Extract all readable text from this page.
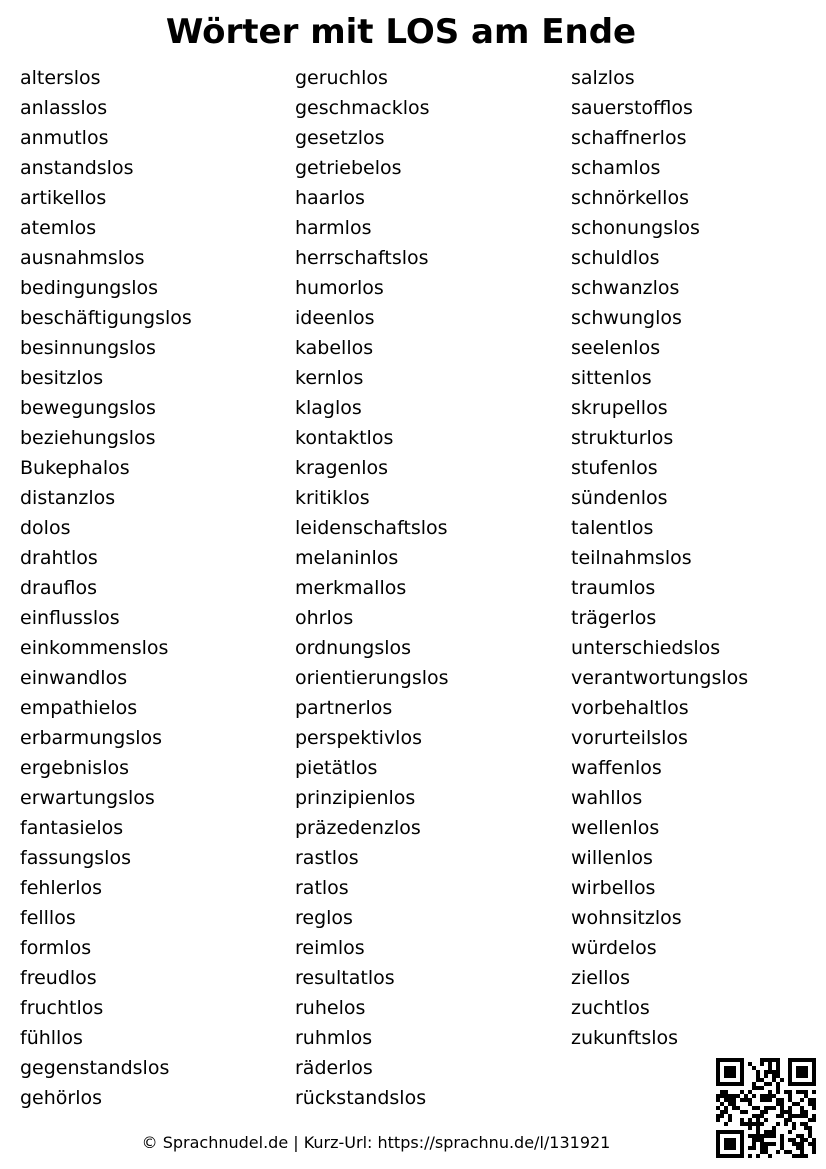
Wörter mit LOS am Ende
alterslos
anlasslos
anmutlos
anstandslos
artikellos
atemlos
ausnahmslos
bedingungslos
beschäftigungslos
besinnungslos
besitzlos
bewegungslos
beziehungslos
Bukephalos
distanzlos
dolos
drahtlos
drauflos
einflusslos
einkommenslos
einwandlos
empathielos
erbarmungslos
ergebnislos
erwartungslos
fantasielos
fassungslos
fehlerlos
felllos
formlos
freudlos
fruchtlos
fühllos
gegenstandslos
gehörlos
geruchlos
geschmacklos
gesetzlos
getriebelos
haarlos
harmlos
herrschaftslos
humorlos
ideenlos
kabellos
kernlos
klaglos
kontaktlos
kragenlos
kritiklos
leidenschaftslos
melaninlos
merkmallos
ohrlos
ordnungslos
orientierungslos
partnerlos
perspektivlos
pietätlos
prinzipienlos
präzedenzlos
rastlos
ratlos
reglos
reimlos
resultatlos
ruhelos
ruhmlos
räderlos
rückstandslos
salzlos
sauerstofflos
schaffnerlos
schamlos
schnörkellos
schonungslos
schuldlos
schwanzlos
schwunglos
seelenlos
sittenlos
skrupellos
strukturlos
stufenlos
sündenlos
talentlos
teilnahmslos
traumlos
trägerlos
unterschiedslos
verantwortungslos
vorbehaltlos
vorurteilslos
waffenlos
wahllos
wellenlos
willenlos
wirbellos
wohnsitzlos
würdelos
ziellos
zuchtlos
zukunftslos
© Sprachnudel.de | Kurz-Url: https://sprachnu.de/l/131921
